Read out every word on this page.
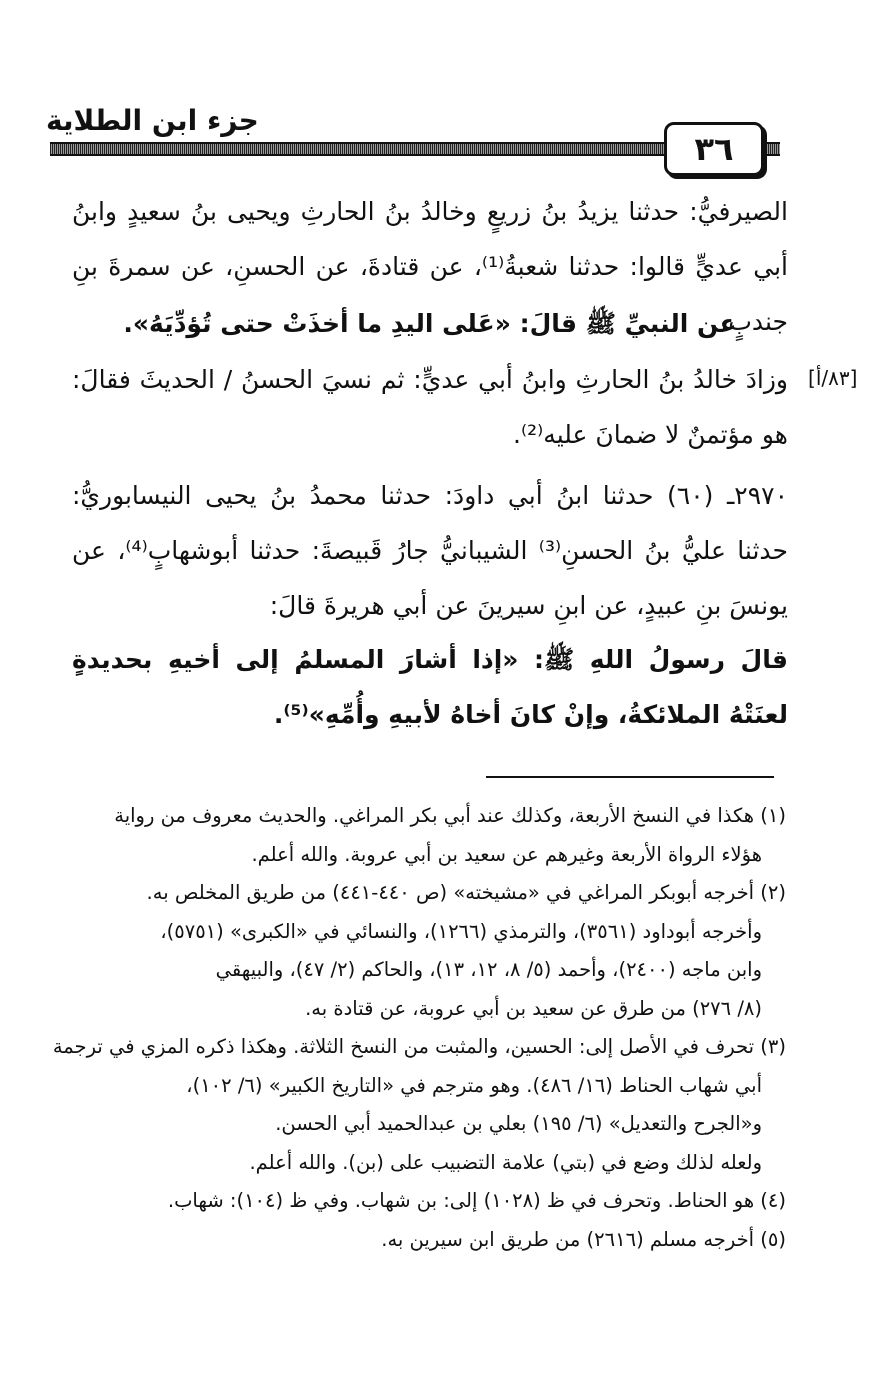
جزء ابن الطلاية
٣٦
[٨٣/أ]
الصيرفيُّ: حدثنا يزيدُ بنُ زريعٍ وخالدُ بنُ الحارثِ ويحيى بنُ سعيدٍ وابنُ أبي عديٍّ قالوا: حدثنا شعبةُ⁽¹⁾، عن قتادةَ، عن الحسنِ، عن سمرةَ بنِ جندبٍ،
عن النبيِّ ﷺ قالَ: «عَلى اليدِ ما أخذَتْ حتى تُؤدِّيَهُ».
وزادَ خالدُ بنُ الحارثِ وابنُ أبي عديٍّ: ثم نسيَ الحسنُ / الحديثَ فقالَ: هو مؤتمنٌ لا ضمانَ عليه⁽²⁾.
٢٩٧٠ـ (٦٠) حدثنا ابنُ أبي داودَ: حدثنا محمدُ بنُ يحيى النيسابوريُّ: حدثنا عليُّ بنُ الحسنِ⁽³⁾ الشيبانيُّ جارُ قَبيصةَ: حدثنا أبوشهابٍ⁽⁴⁾، عن يونسَ بنِ عبيدٍ، عن ابنِ سيرينَ عن أبي هريرةَ قالَ:
قالَ رسولُ اللهِ ﷺ: «إذا أشارَ المسلمُ إلى أخيهِ بحديدةٍ لعنَتْهُ الملائكةُ، وإنْ كانَ أخاهُ لأبيهِ وأُمِّهِ»⁽⁵⁾.
(١) هكذا في النسخ الأربعة، وكذلك عند أبي بكر المراغي. والحديث معروف من رواية
هؤلاء الرواة الأربعة وغيرهم عن سعيد بن أبي عروبة. والله أعلم.
(٢) أخرجه أبوبكر المراغي في «مشيخته» (ص ٤٤٠-٤٤١) من طريق المخلص به.
وأخرجه أبوداود (٣٥٦١)، والترمذي (١٢٦٦)، والنسائي في «الكبرى» (٥٧٥١)،
وابن ماجه (٢٤٠٠)، وأحمد (٥/ ٨، ١٢، ١٣)، والحاكم (٢/ ٤٧)، والبيهقي
(٨/ ٢٧٦) من طرق عن سعيد بن أبي عروبة، عن قتادة به.
(٣) تحرف في الأصل إلى: الحسين، والمثبت من النسخ الثلاثة. وهكذا ذكره المزي في ترجمة
أبي شهاب الحناط (١٦/ ٤٨٦). وهو مترجم في «التاريخ الكبير» (٦/ ١٠٢)،
و«الجرح والتعديل» (٦/ ١٩٥) بعلي بن عبدالحميد أبي الحسن.
ولعله لذلك وضع في (بتي) علامة التضبيب على (بن). والله أعلم.
(٤) هو الحناط. وتحرف في ظ (١٠٢٨) إلى: بن شهاب. وفي ظ (١٠٤): شهاب.
(٥) أخرجه مسلم (٢٦١٦) من طريق ابن سيرين به.
